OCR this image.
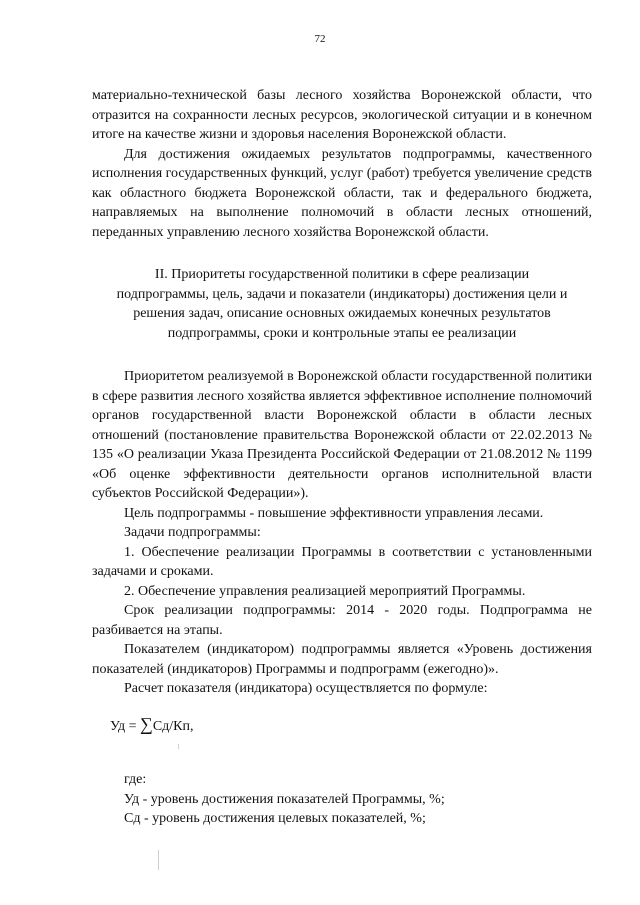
72

материально-технической базы лесного хозяйства Воронежской области, что отразится на сохранности лесных ресурсов, экологической ситуации и в конечном итоге на качестве жизни и здоровья населения Воронежской области.

Для достижения ожидаемых результатов подпрограммы, качественного исполнения государственных функций, услуг (работ) требуется увеличение средств как областного бюджета Воронежской области, так и федерального бюджета, направляемых на выполнение полномочий в области лесных отношений, переданных управлению лесного хозяйства Воронежской области.

II. Приоритеты государственной политики в сфере реализации подпрограммы, цель, задачи и показатели (индикаторы) достижения цели и решения задач, описание основных ожидаемых конечных результатов подпрограммы, сроки и контрольные этапы ее реализации

Приоритетом реализуемой в Воронежской области государственной политики в сфере развития лесного хозяйства является эффективное исполнение полномочий органов государственной власти Воронежской области в области лесных отношений (постановление правительства Воронежской области от 22.02.2013 № 135 «О реализации Указа Президента Российской Федерации от 21.08.2012 № 1199 «Об оценке эффективности деятельности органов исполнительной власти субъектов Российской Федерации»).

Цель подпрограммы - повышение эффективности управления лесами.

Задачи подпрограммы:

1. Обеспечение реализации Программы в соответствии с установленными задачами и сроками.

2. Обеспечение управления реализацией мероприятий Программы.

Срок реализации подпрограммы: 2014 - 2020 годы. Подпрограмма не разбивается на этапы.

Показателем (индикатором) подпрограммы является «Уровень достижения показателей (индикаторов) Программы и подпрограмм (ежегодно)».

Расчет показателя (индикатора) осуществляется по формуле:

Уд = ∑Сд/Кп,

где:

Уд - уровень достижения показателей Программы, %;

Сд - уровень достижения целевых показателей, %;
